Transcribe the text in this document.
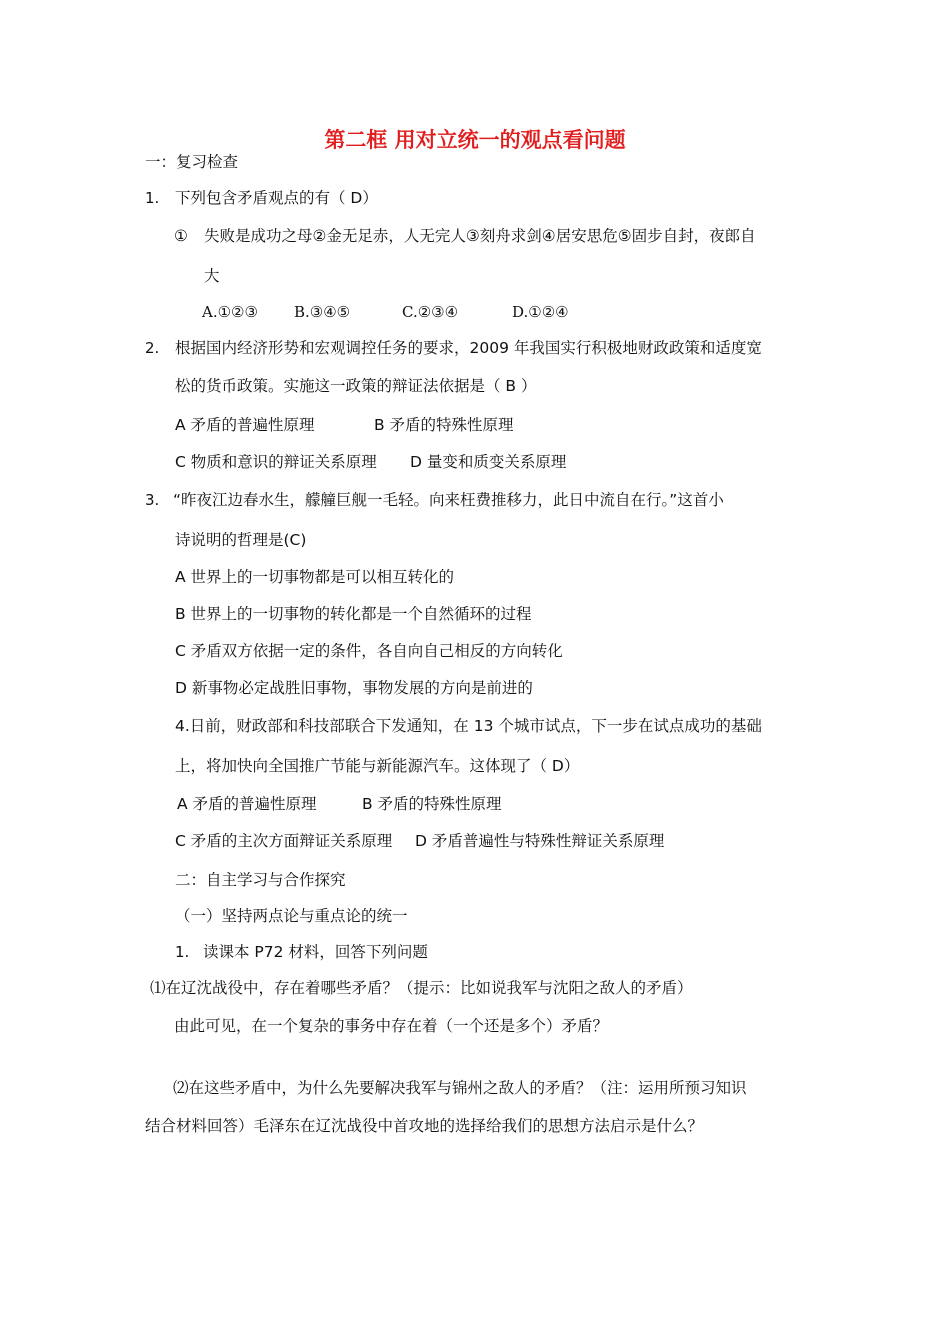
第二框 用对立统一的观点看问题
一：复习检查
1. 下列包含矛盾观点的有（ D）
① 失败是成功之母②金无足赤，人无完人③刻舟求剑④居安思危⑤固步自封，夜郎自
大
A.①②③ B.③④⑤	C.②③④	D.①②④
2. 根据国内经济形势和宏观调控任务的要求，2009 年我国实行积极地财政政策和适度宽
松的货币政策。实施这一政策的辩证法依据是（ B ）
A 矛盾的普遍性原理	B 矛盾的特殊性原理
C 物质和意识的辩证关系原理 D 量变和质变关系原理
3. “昨夜江边春水生，艨艟巨舰一毛轻。向来枉费推移力，此日中流自在行。”这首小
诗说明的哲理是(C)
A 世界上的一切事物都是可以相互转化的
B 世界上的一切事物的转化都是一个自然循环的过程
C 矛盾双方依据一定的条件，各自向自己相反的方向转化
D 新事物必定战胜旧事物，事物发展的方向是前进的
4.日前，财政部和科技部联合下发通知，在 13 个城市试点，下一步在试点成功的基础
上，将加快向全国推广节能与新能源汽车。这体现了（ D）
A 矛盾的普遍性原理	B 矛盾的特殊性原理
C 矛盾的主次方面辩证关系原理 D 矛盾普遍性与特殊性辩证关系原理
二：自主学习与合作探究
（一）坚持两点论与重点论的统一
1. 读课本 P72 材料，回答下列问题
⑴在辽沈战役中，存在着哪些矛盾？（提示：比如说我军与沈阳之敌人的矛盾）
由此可见，在一个复杂的事务中存在着（一个还是多个）矛盾？
⑵在这些矛盾中，为什么先要解决我军与锦州之敌人的矛盾？（注：运用所预习知识
结合材料回答）毛泽东在辽沈战役中首攻地的选择给我们的思想方法启示是什么？
